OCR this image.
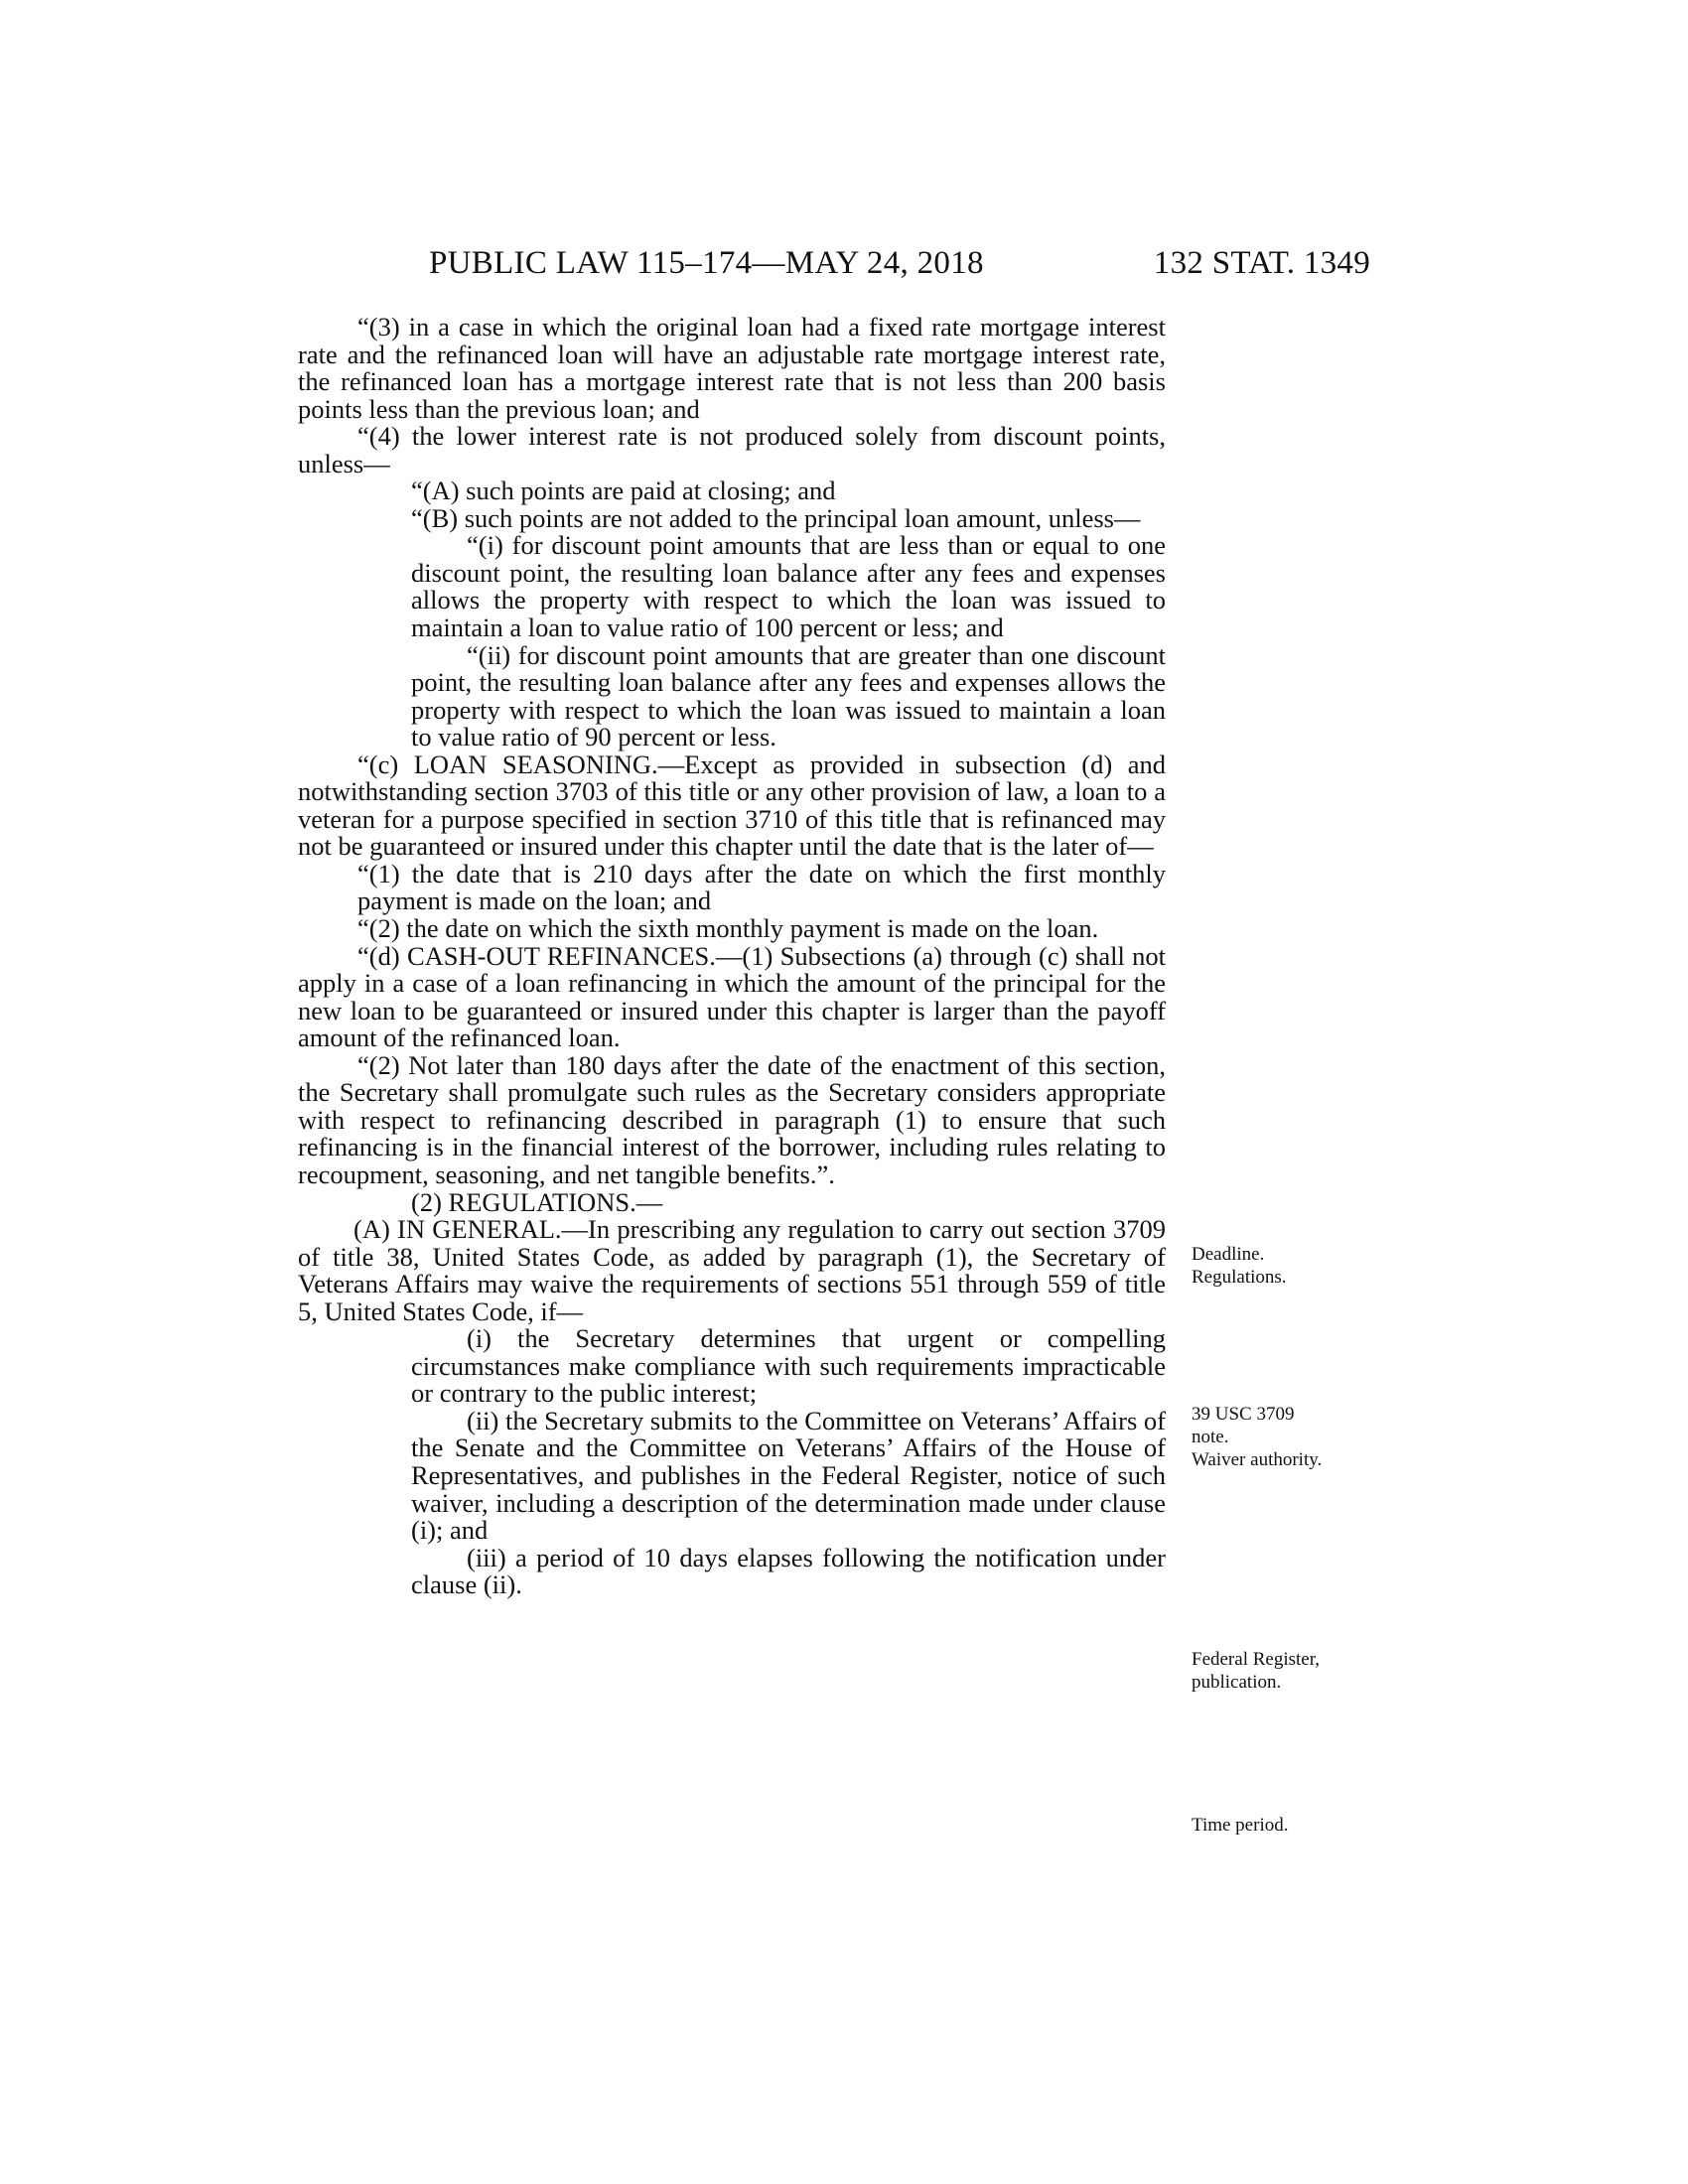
PUBLIC LAW 115–174—MAY 24, 2018	132 STAT. 1349

“(3) in a case in which the original loan had a fixed rate mortgage interest rate and the refinanced loan will have an adjustable rate mortgage interest rate, the refinanced loan has a mortgage interest rate that is not less than 200 basis points less than the previous loan; and

“(4) the lower interest rate is not produced solely from discount points, unless—

“(A) such points are paid at closing; and

“(B) such points are not added to the principal loan amount, unless—

“(i) for discount point amounts that are less than or equal to one discount point, the resulting loan balance after any fees and expenses allows the property with respect to which the loan was issued to maintain a loan to value ratio of 100 percent or less; and

“(ii) for discount point amounts that are greater than one discount point, the resulting loan balance after any fees and expenses allows the property with respect to which the loan was issued to maintain a loan to value ratio of 90 percent or less.

“(c) LOAN SEASONING.—Except as provided in subsection (d) and notwithstanding section 3703 of this title or any other provision of law, a loan to a veteran for a purpose specified in section 3710 of this title that is refinanced may not be guaranteed or insured under this chapter until the date that is the later of—

“(1) the date that is 210 days after the date on which the first monthly payment is made on the loan; and

“(2) the date on which the sixth monthly payment is made on the loan.

“(d) CASH-OUT REFINANCES.—(1) Subsections (a) through (c) shall not apply in a case of a loan refinancing in which the amount of the principal for the new loan to be guaranteed or insured under this chapter is larger than the payoff amount of the refinanced loan.

“(2) Not later than 180 days after the date of the enactment of this section, the Secretary shall promulgate such rules as the Secretary considers appropriate with respect to refinancing described in paragraph (1) to ensure that such refinancing is in the financial interest of the borrower, including rules relating to recoupment, seasoning, and net tangible benefits.”.

(2) REGULATIONS.—

(A) IN GENERAL.—In prescribing any regulation to carry out section 3709 of title 38, United States Code, as added by paragraph (1), the Secretary of Veterans Affairs may waive the requirements of sections 551 through 559 of title 5, United States Code, if—

(i) the Secretary determines that urgent or compelling circumstances make compliance with such requirements impracticable or contrary to the public interest;

(ii) the Secretary submits to the Committee on Veterans’ Affairs of the Senate and the Committee on Veterans’ Affairs of the House of Representatives, and publishes in the Federal Register, notice of such waiver, including a description of the determination made under clause (i); and

(iii) a period of 10 days elapses following the notification under clause (ii).

Deadline.
Regulations.
39 USC 3709
note.
Waiver authority.
Federal Register,
publication.
Time period.
